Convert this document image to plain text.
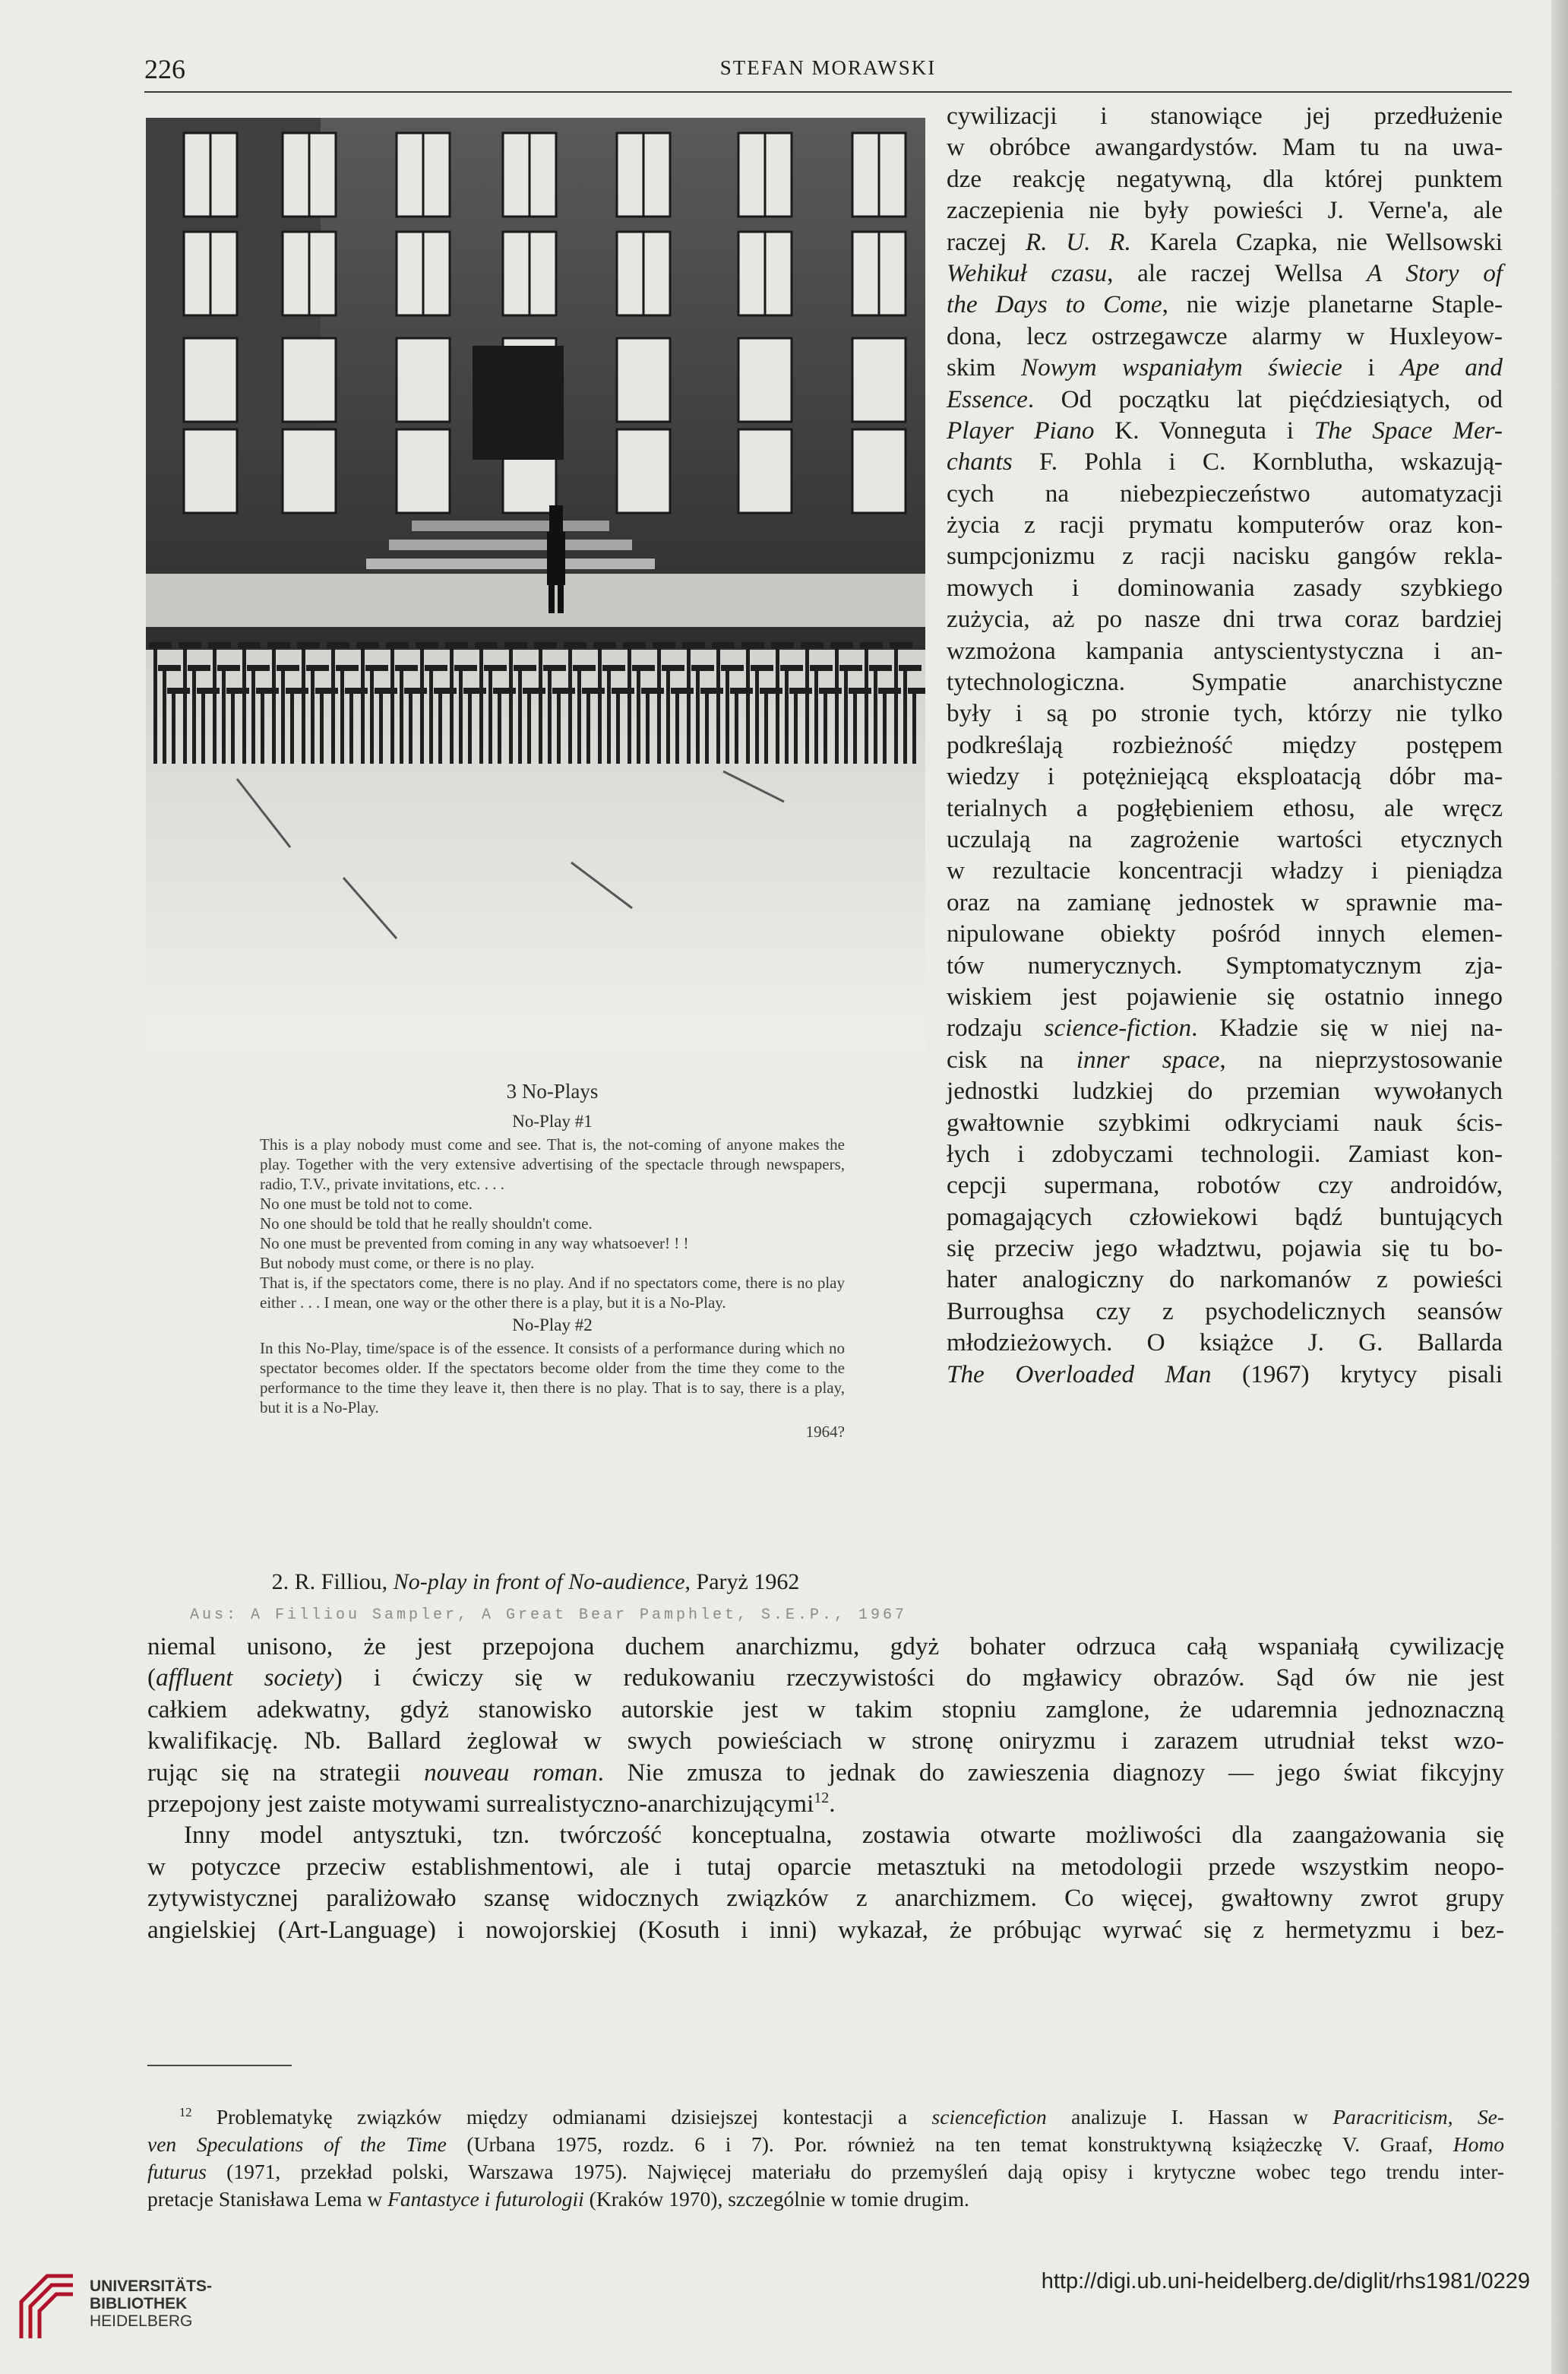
226	STEFAN MORAWSKI
3 No-Plays
No-Play #1

This is a play nobody must come and see. That is, the not-coming of anyone makes the play. Together with the very extensive advertising of the spectacle through newspapers, radio, T.V., private invitations, etc. . . .

No one must be told not to come.

No one should be told that he really shouldn't come.

No one must be prevented from coming in any way whatsoever! ! !

But nobody must come, or there is no play.

That is, if the spectators come, there is no play. And if no spectators come, there is no play either . . . I mean, one way or the other there is a play, but it is a No-Play.

No-Play #2

In this No-Play, time/space is of the essence. It consists of a performance during which no spectator becomes older. If the spectators become older from the time they come to the performance to the time they leave it, then there is no play. That is to say, there is a play, but it is a No-Play.

1964?
Aus: A Filliou Sampler, A Great Bear Pamphlet, S.E.P., 1967
2. R. Filliou, No-play in front of No-audience, Paryż 1962
cywilizacji i stanowiące jej przedłużenie
w obróbce awangardystów. Mam tu na uwa-
dze reakcję negatywną, dla której punktem
zaczepienia nie były powieści J. Verne'a, ale
raczej R. U. R. Karela Czapka, nie Wellsowski
Wehikuł czasu, ale raczej Wellsa A Story of
the Days to Come, nie wizje planetarne Staple-
dona, lecz ostrzegawcze alarmy w Huxleyow-
skim Nowym wspaniałym świecie i Ape and
Essence. Od początku lat pięćdziesiątych, od
Player Piano K. Vonneguta i The Space Mer-
chants F. Pohla i C. Kornblutha, wskazują-
cych na niebezpieczeństwo automatyzacji
życia z racji prymatu komputerów oraz kon-
sumpcjonizmu z racji nacisku gangów rekla-
mowych i dominowania zasady szybkiego
zużycia, aż po nasze dni trwa coraz bardziej
wzmożona kampania antyscientystyczna i an-
tytechnologiczna. Sympatie anarchistyczne
były i są po stronie tych, którzy nie tylko
podkreślają rozbieżność między postępem
wiedzy i potężniejącą eksploatacją dóbr ma-
terialnych a pogłębieniem ethosu, ale wręcz
uczulają na zagrożenie wartości etycznych
w rezultacie koncentracji władzy i pieniądza
oraz na zamianę jednostek w sprawnie ma-
nipulowane obiekty pośród innych elemen-
tów numerycznych. Symptomatycznym zja-
wiskiem jest pojawienie się ostatnio innego
rodzaju science-fiction. Kładzie się w niej na-
cisk na inner space, na nieprzystosowanie
jednostki ludzkiej do przemian wywołanych
gwałtownie szybkimi odkryciami nauk ścis-
łych i zdobyczami technologii. Zamiast kon-
cepcji supermana, robotów czy androidów,
pomagających człowiekowi bądź buntujących
się przeciw jego władztwu, pojawia się tu bo-
hater analogiczny do narkomanów z powieści
Burroughsa czy z psychodelicznych seansów
młodzieżowych. O książce J. G. Ballarda
The Overloaded Man (1967) krytycy pisali
niemal unisono, że jest przepojona duchem anarchizmu, gdyż bohater odrzuca całą wspaniałą cywilizację
(affluent society) i ćwiczy się w redukowaniu rzeczywistości do mgławicy obrazów. Sąd ów nie jest
całkiem adekwatny, gdyż stanowisko autorskie jest w takim stopniu zamglone, że udaremnia jednoznaczną
kwalifikację. Nb. Ballard żeglował w swych powieściach w stronę oniryzmu i zarazem utrudniał tekst wzo-
rując się na strategii nouveau roman. Nie zmusza to jednak do zawieszenia diagnozy — jego świat fikcyjny
przepojony jest zaiste motywami surrealistyczno-anarchizującymi$^{12}$.
Inny model antysztuki, tzn. twórczość konceptualna, zostawia otwarte możliwości dla zaangażowania się
w potyczce przeciw establishmentowi, ale i tutaj oparcie metasztuki na metodologii przede wszystkim neopo-
zytywistycznej paraliżowało szansę widocznych związków z anarchizmem. Co więcej, gwałtowny zwrot grupy
angielskiej (Art-Language) i nowojorskiej (Kosuth i inni) wykazał, że próbując wyrwać się z hermetyzmu i bez-
$^{12}$ Problematykę związków między odmianami dzisiejszej kontestacji a sciencefiction analizuje I. Hassan w Paracriticism, Se-
ven Speculations of the Time (Urbana 1975, rozdz. 6 i 7). Por. również na ten temat konstruktywną książeczkę V. Graaf, Homo
futurus (1971, przekład polski, Warszawa 1975). Najwięcej materiału do przemyśleń dają opisy i krytyczne wobec tego trendu inter-
pretacje Stanisława Lema w Fantastyce i futurologii (Kraków 1970), szczególnie w tomie drugim.
UNIVERSITÄTS-
BIBLIOTHEK
HEIDELBERG
http://digi.ub.uni-heidelberg.de/diglit/rhs1981/0229
